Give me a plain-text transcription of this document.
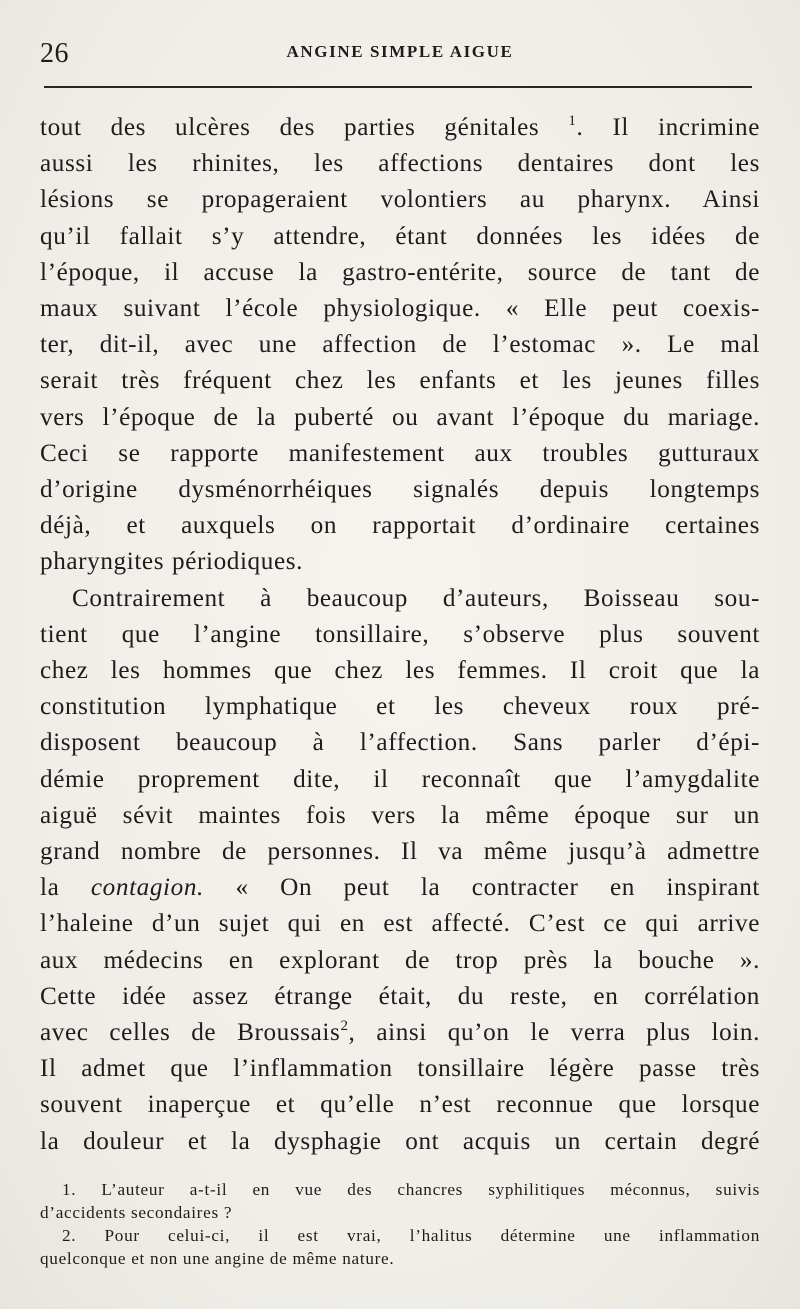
26	ANGINE SIMPLE AIGUE
tout des ulcères des parties génitales $^1$. Il incrimine
aussi les rhinites, les affections dentaires dont les
lésions se propageraient volontiers au pharynx. Ainsi
qu’il fallait s’y attendre, étant données les idées de
l’époque, il accuse la gastro-entérite, source de tant de
maux suivant l’école physiologique. « Elle peut coexis-
ter, dit-il, avec une affection de l’estomac ». Le mal
serait très fréquent chez les enfants et les jeunes filles
vers l’époque de la puberté ou avant l’époque du mariage.
Ceci se rapporte manifestement aux troubles gutturaux
d’origine dysménorrhéiques signalés depuis longtemps
déjà, et auxquels on rapportait d’ordinaire certaines
pharyngites périodiques.
Contrairement à beaucoup d’auteurs, Boisseau sou-
tient que l’angine tonsillaire, s’observe plus souvent
chez les hommes que chez les femmes. Il croit que la
constitution lymphatique et les cheveux roux pré-
disposent beaucoup à l’affection. Sans parler d’épi-
démie proprement dite, il reconnaît que l’amygdalite
aiguë sévit maintes fois vers la même époque sur un
grand nombre de personnes. Il va même jusqu’à admettre
la contagion. « On peut la contracter en inspirant
l’haleine d’un sujet qui en est affecté. C’est ce qui arrive
aux médecins en explorant de trop près la bouche ».
Cette idée assez étrange était, du reste, en corrélation
avec celles de Broussais$^2$, ainsi qu’on le verra plus loin.
Il admet que l’inflammation tonsillaire légère passe très
souvent inaperçue et qu’elle n’est reconnue que lorsque
la douleur et la dysphagie ont acquis un certain degré
1. L’auteur a-t-il en vue des chancres syphilitiques méconnus, suivis
d’accidents secondaires ?
2. Pour celui-ci, il est vrai, l’halitus détermine une inflammation
quelconque et non une angine de même nature.
